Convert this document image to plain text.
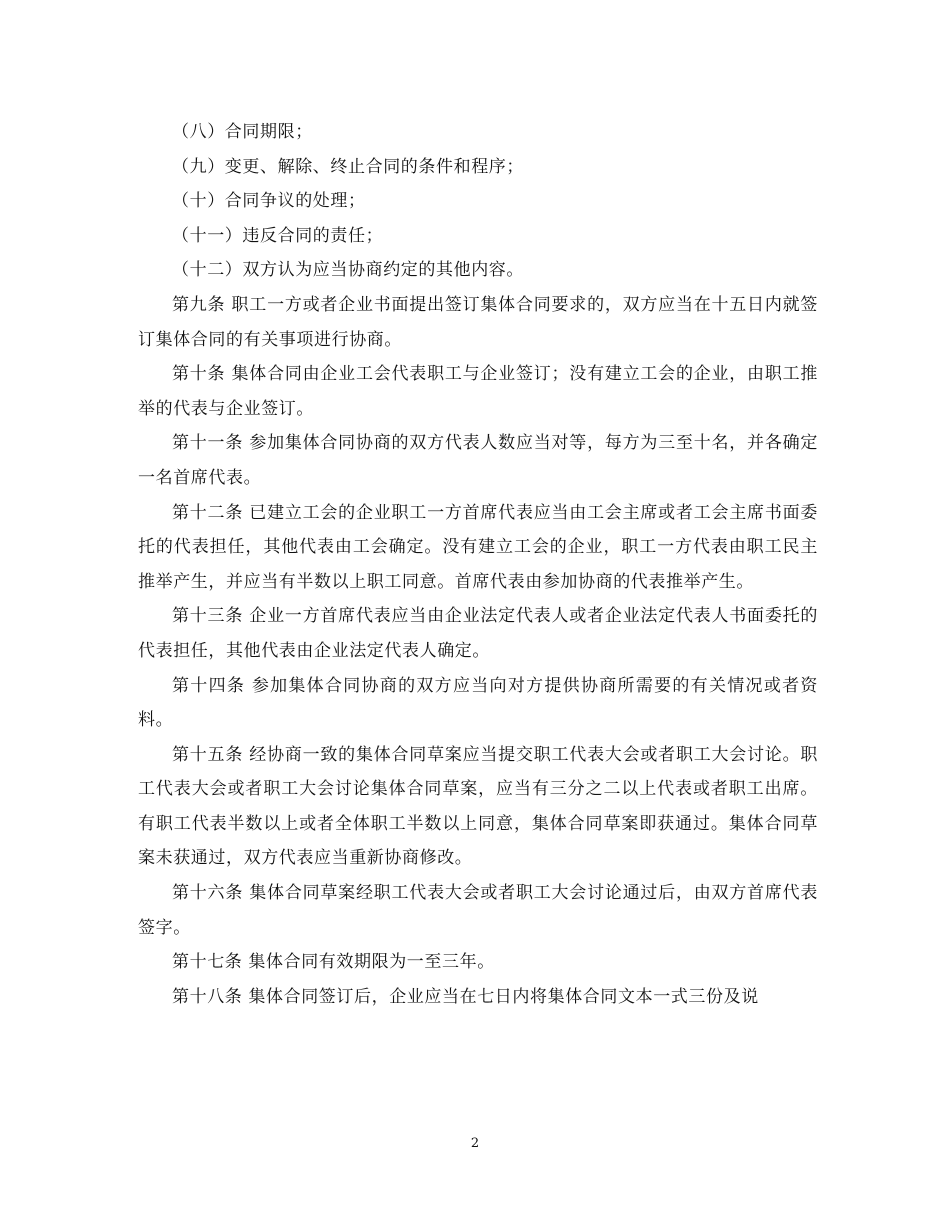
（八）合同期限；

（九）变更、解除、终止合同的条件和程序；

（十）合同争议的处理；

（十一）违反合同的责任；

（十二）双方认为应当协商约定的其他内容。

第九条 职工一方或者企业书面提出签订集体合同要求的，双方应当在十五日内就签订集体合同的有关事项进行协商。

第十条 集体合同由企业工会代表职工与企业签订；没有建立工会的企业，由职工推举的代表与企业签订。

第十一条 参加集体合同协商的双方代表人数应当对等，每方为三至十名，并各确定一名首席代表。

第十二条 已建立工会的企业职工一方首席代表应当由工会主席或者工会主席书面委托的代表担任，其他代表由工会确定。没有建立工会的企业，职工一方代表由职工民主推举产生，并应当有半数以上职工同意。首席代表由参加协商的代表推举产生。

第十三条 企业一方首席代表应当由企业法定代表人或者企业法定代表人书面委托的代表担任，其他代表由企业法定代表人确定。

第十四条 参加集体合同协商的双方应当向对方提供协商所需要的有关情况或者资料。

第十五条 经协商一致的集体合同草案应当提交职工代表大会或者职工大会讨论。职工代表大会或者职工大会讨论集体合同草案，应当有三分之二以上代表或者职工出席。有职工代表半数以上或者全体职工半数以上同意，集体合同草案即获通过。集体合同草案未获通过，双方代表应当重新协商修改。

第十六条 集体合同草案经职工代表大会或者职工大会讨论通过后，由双方首席代表签字。

第十七条 集体合同有效期限为一至三年。

第十八条 集体合同签订后，企业应当在七日内将集体合同文本一式三份及说

2
